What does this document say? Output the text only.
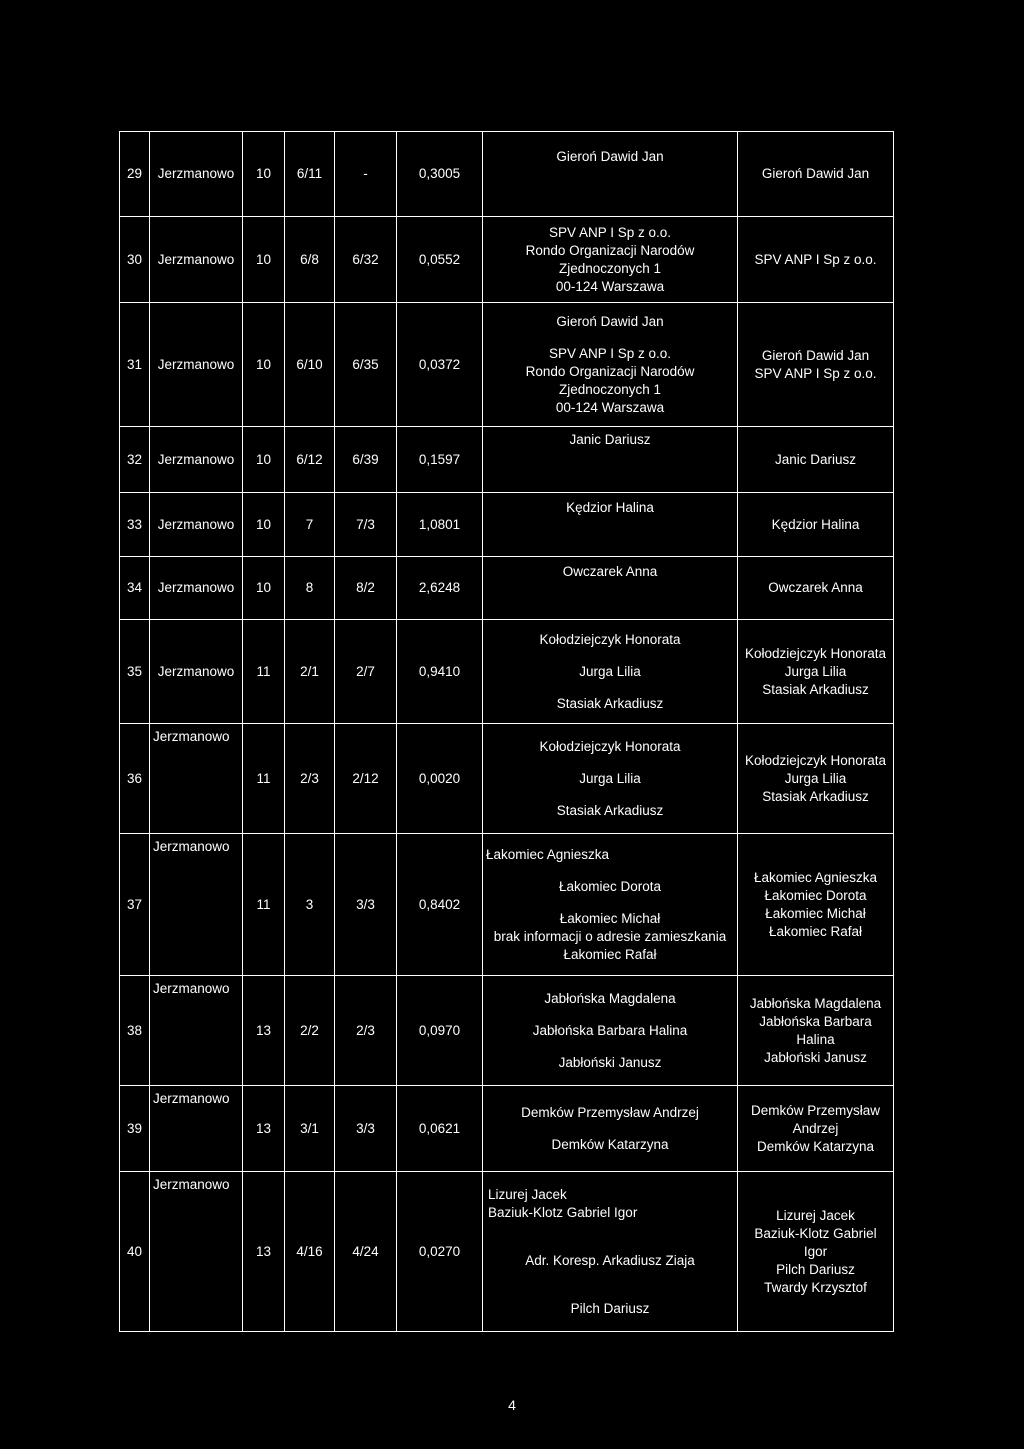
29	Jerzmanowo	10	6/11	-	0,3005	Gieroń Dawid Jan	Gieroń Dawid Jan

30	Jerzmanowo	10	6/8	6/32	0,0552	SPV ANP I Sp z o.o.
Rondo Organizacji Narodów
Zjednoczonych 1
00-124 Warszawa	SPV ANP I Sp z o.o.

31	Jerzmanowo	10	6/10	6/35	0,0372	Gieroń Dawid Jan
SPV ANP I Sp z o.o.
Rondo Organizacji Narodów
Zjednoczonych 1
00-124 Warszawa	Gieroń Dawid Jan
SPV ANP I Sp z o.o.

32	Jerzmanowo	10	6/12	6/39	0,1597	Janic Dariusz	Janic Dariusz

33	Jerzmanowo	10	7	7/3	1,0801	Kędzior Halina	Kędzior Halina

34	Jerzmanowo	10	8	8/2	2,6248	Owczarek Anna	Owczarek Anna

35	Jerzmanowo	11	2/1	2/7	0,9410	Kołodziejczyk Honorata
Jurga Lilia
Stasiak Arkadiusz	Kołodziejczyk Honorata
Jurga Lilia
Stasiak Arkadiusz

36	Jerzmanowo	11	2/3	2/12	0,0020	Kołodziejczyk Honorata
Jurga Lilia
Stasiak Arkadiusz	Kołodziejczyk Honorata
Jurga Lilia
Stasiak Arkadiusz

37	Jerzmanowo	11	3	3/3	0,8402	Łakomiec Agnieszka
Łakomiec Dorota
Łakomiec Michał
brak informacji o adresie zamieszkania
Łakomiec Rafał	Łakomiec Agnieszka
Łakomiec Dorota
Łakomiec Michał
Łakomiec Rafał

38	Jerzmanowo	13	2/2	2/3	0,0970	Jabłońska Magdalena
Jabłońska Barbara Halina
Jabłoński Janusz	Jabłońska Magdalena
Jabłońska Barbara
Halina
Jabłoński Janusz

39	Jerzmanowo	13	3/1	3/3	0,0621	Demków Przemysław Andrzej
Demków Katarzyna	Demków Przemysław
Andrzej
Demków Katarzyna

40	Jerzmanowo	13	4/16	4/24	0,0270	Lizurej Jacek
Baziuk-Klotz Gabriel Igor
Adr. Koresp. Arkadiusz Ziaja
Pilch Dariusz	Lizurej Jacek
Baziuk-Klotz Gabriel Igor
Pilch Dariusz
Twardy Krzysztof
4
